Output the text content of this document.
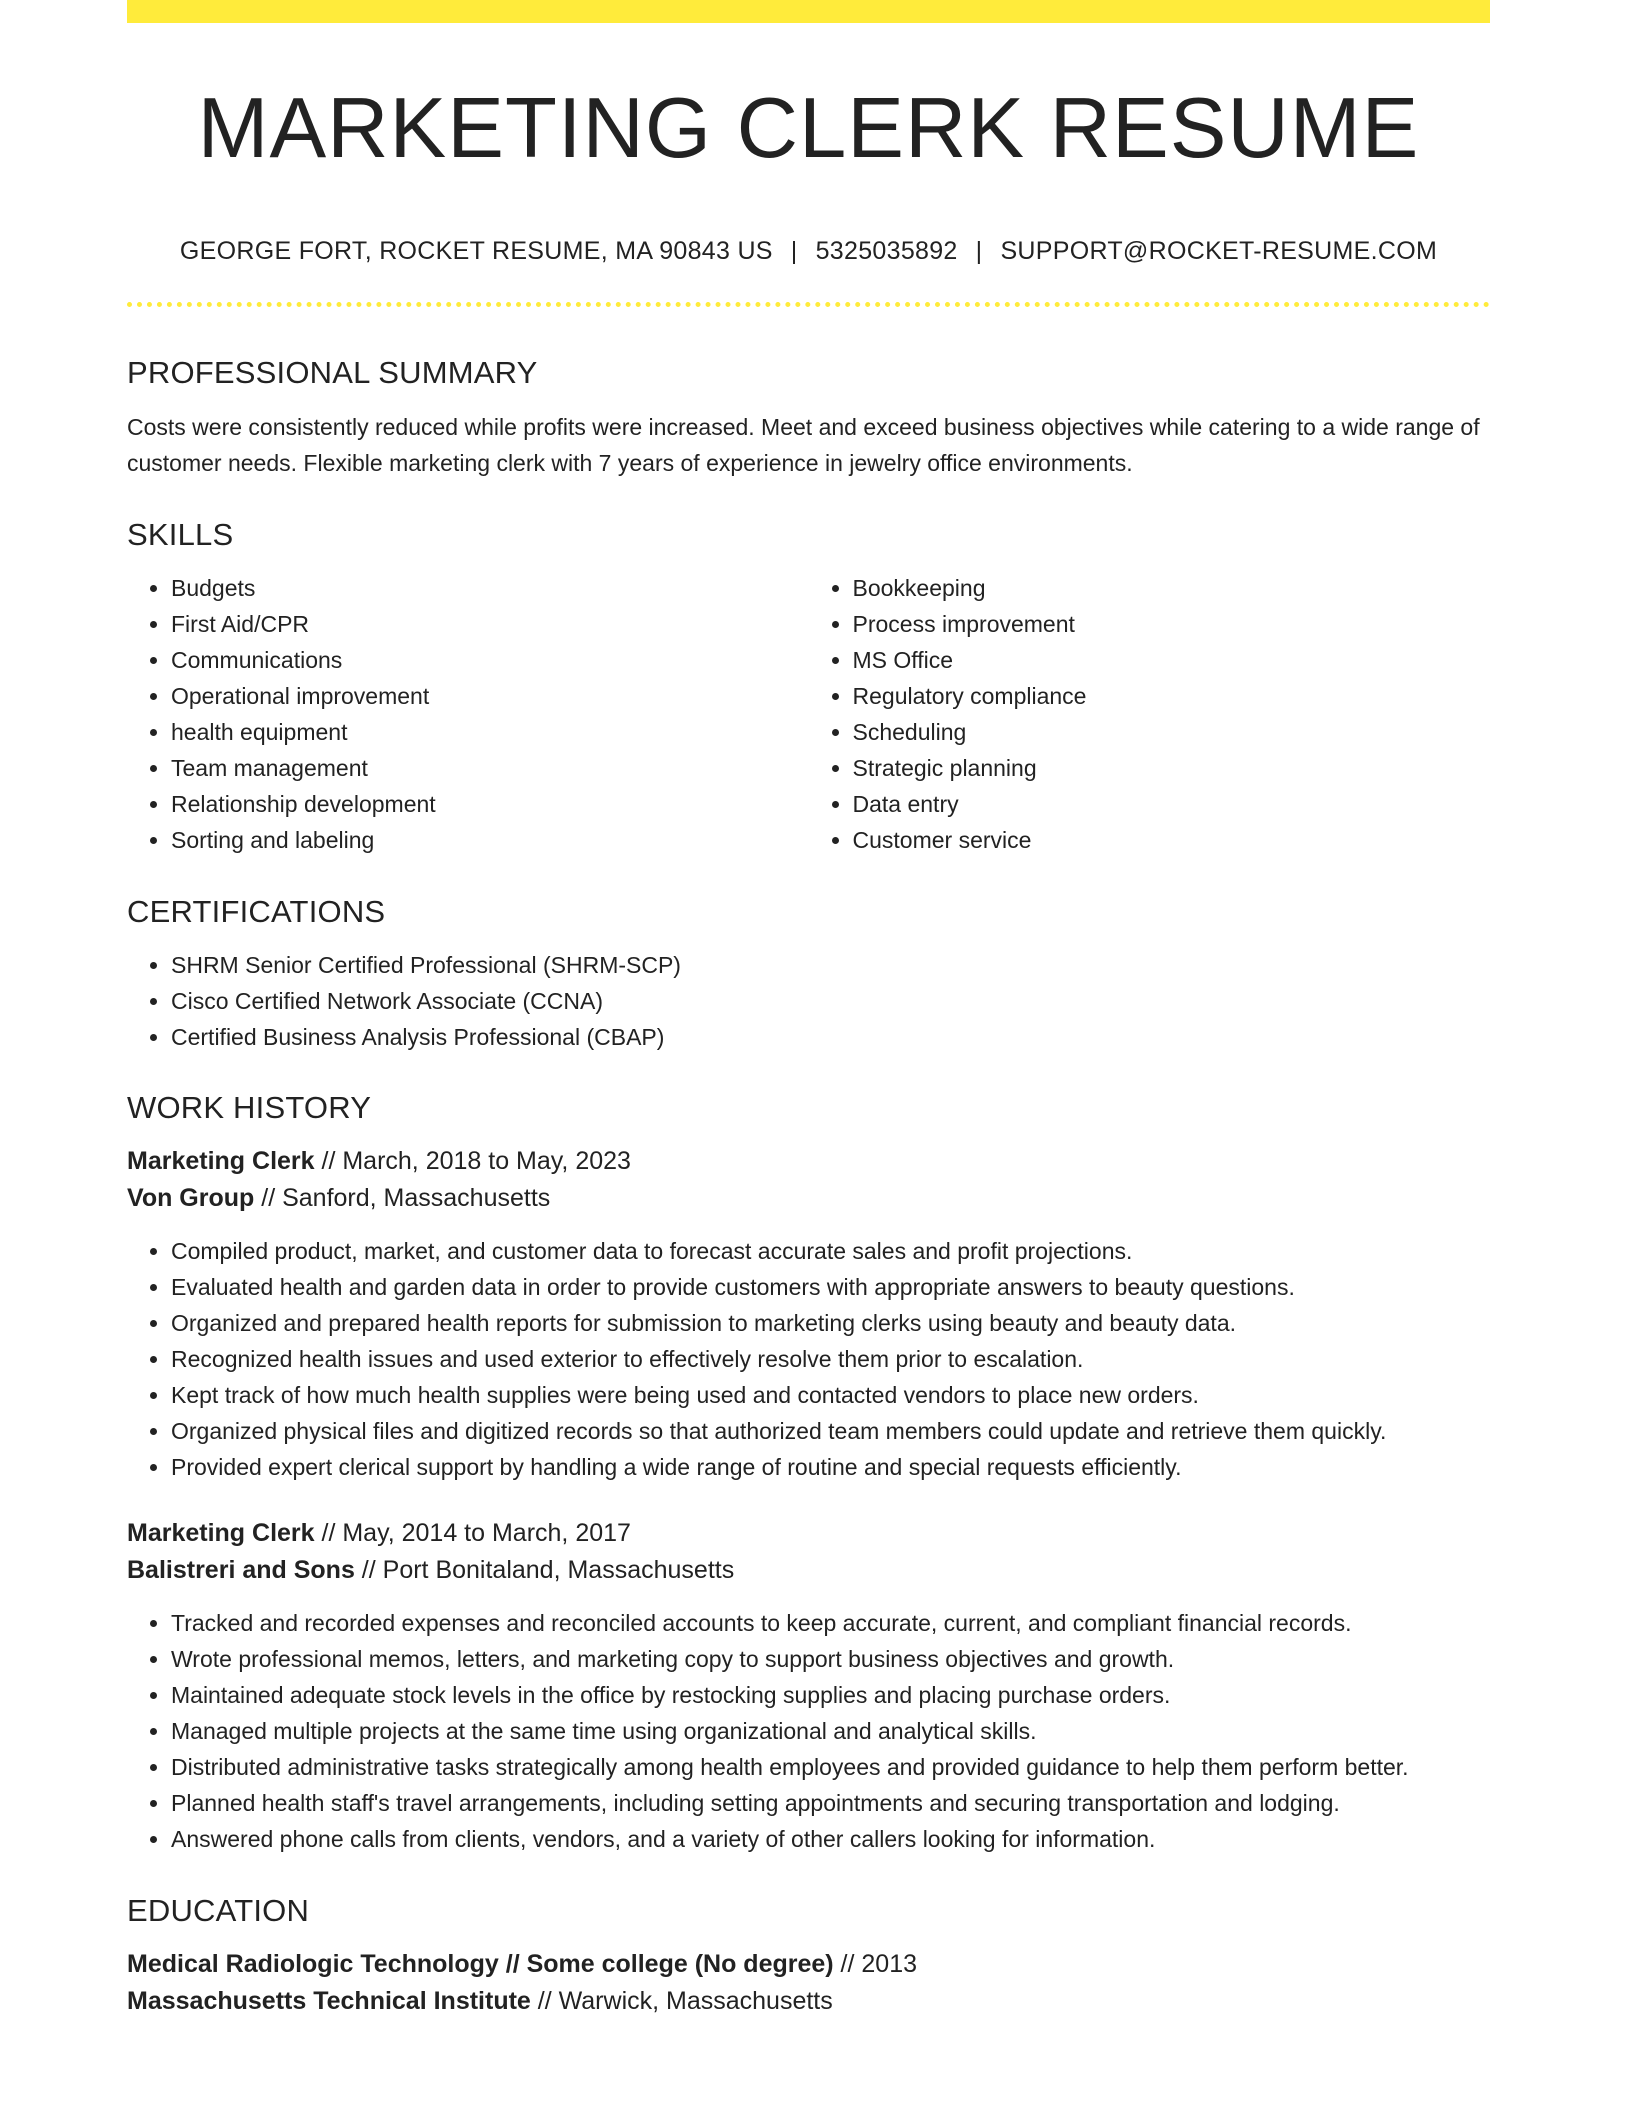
MARKETING CLERK RESUME
GEORGE FORT, ROCKET RESUME, MA 90843 US | 5325035892 | SUPPORT@ROCKET-RESUME.COM
PROFESSIONAL SUMMARY

Costs were consistently reduced while profits were increased. Meet and exceed business objectives while catering to a wide range of customer needs. Flexible marketing clerk with 7 years of experience in jewelry office environments.

SKILLS
• Budgets
• First Aid/CPR
• Communications
• Operational improvement
• health equipment
• Team management
• Relationship development
• Sorting and labeling
• Bookkeeping
• Process improvement
• MS Office
• Regulatory compliance
• Scheduling
• Strategic planning
• Data entry
• Customer service
CERTIFICATIONS
• SHRM Senior Certified Professional (SHRM-SCP)
• Cisco Certified Network Associate (CCNA)
• Certified Business Analysis Professional (CBAP)
WORK HISTORY
Marketing Clerk // March, 2018 to May, 2023
Von Group // Sanford, Massachusetts
• Compiled product, market, and customer data to forecast accurate sales and profit projections.
• Evaluated health and garden data in order to provide customers with appropriate answers to beauty questions.
• Organized and prepared health reports for submission to marketing clerks using beauty and beauty data.
• Recognized health issues and used exterior to effectively resolve them prior to escalation.
• Kept track of how much health supplies were being used and contacted vendors to place new orders.
• Organized physical files and digitized records so that authorized team members could update and retrieve them quickly.
• Provided expert clerical support by handling a wide range of routine and special requests efficiently.
Marketing Clerk // May, 2014 to March, 2017
Balistreri and Sons // Port Bonitaland, Massachusetts
• Tracked and recorded expenses and reconciled accounts to keep accurate, current, and compliant financial records.
• Wrote professional memos, letters, and marketing copy to support business objectives and growth.
• Maintained adequate stock levels in the office by restocking supplies and placing purchase orders.
• Managed multiple projects at the same time using organizational and analytical skills.
• Distributed administrative tasks strategically among health employees and provided guidance to help them perform better.
• Planned health staff's travel arrangements, including setting appointments and securing transportation and lodging.
• Answered phone calls from clients, vendors, and a variety of other callers looking for information.
EDUCATION
Medical Radiologic Technology // Some college (No degree) // 2013
Massachusetts Technical Institute // Warwick, Massachusetts
